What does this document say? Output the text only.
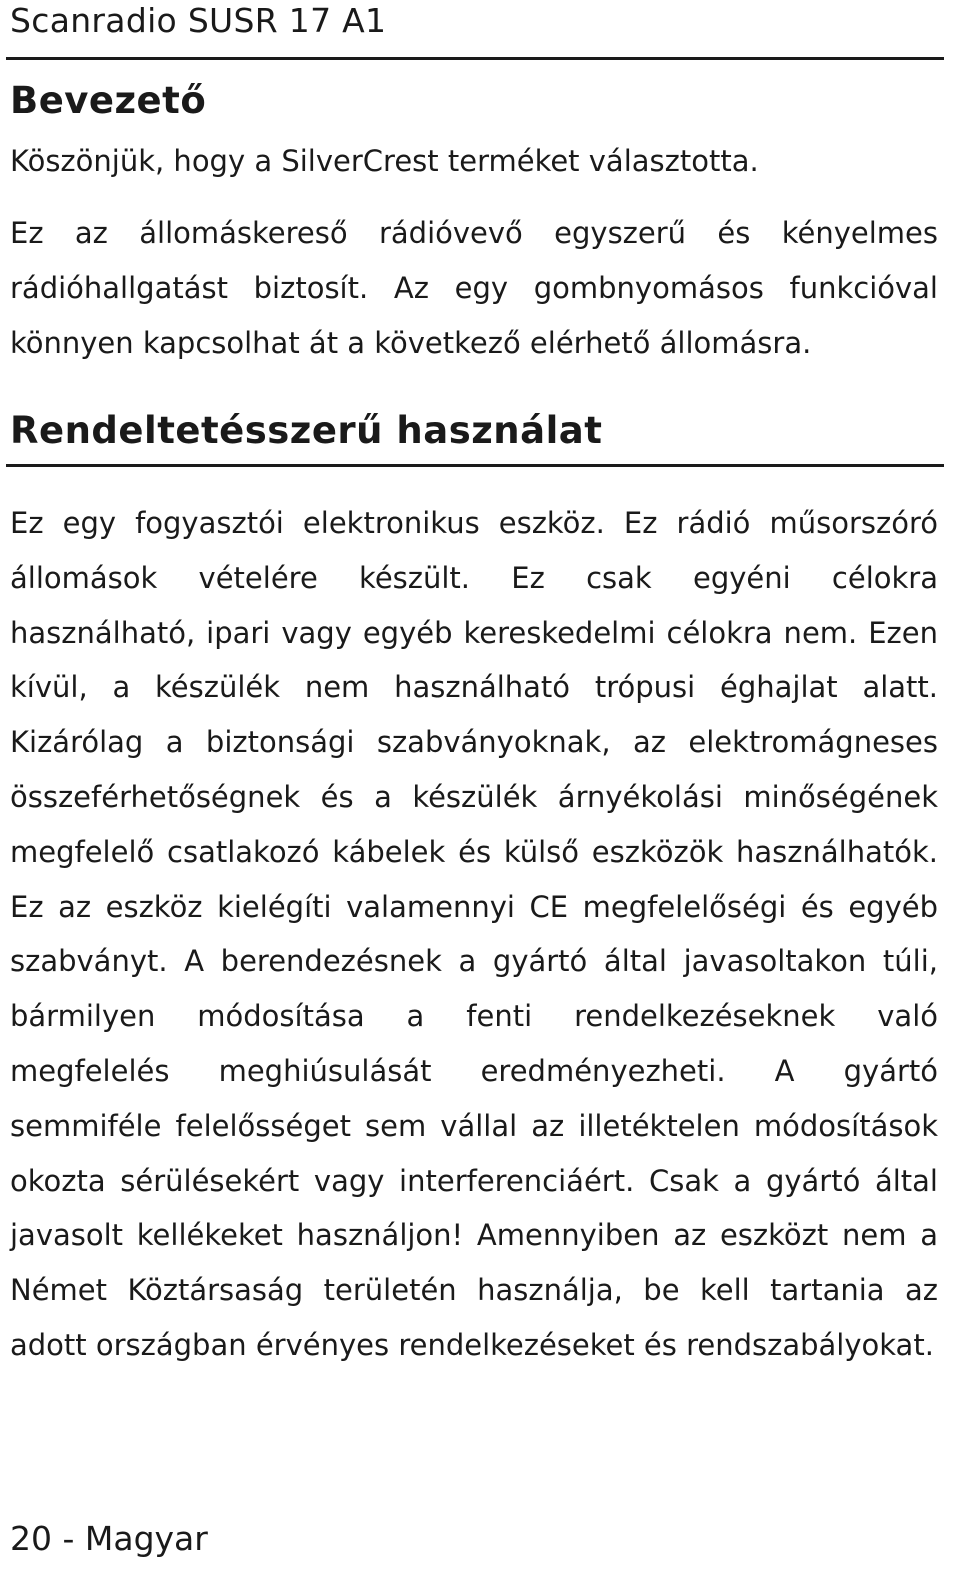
Scanradio SUSR 17 A1
Bevezető
Köszönjük, hogy a SilverCrest terméket választotta.
Ez az állomáskereső rádióvevő egyszerű és kényelmes rádióhallgatást biztosít. Az egy gombnyomásos funkcióval könnyen kapcsolhat át a következő elérhető állomásra.
Rendeltetésszerű használat
Ez egy fogyasztói elektronikus eszköz. Ez rádió műsorszóró állomások vételére készült. Ez csak egyéni célokra használható, ipari vagy egyéb kereskedelmi célokra nem. Ezen kívül, a készülék nem használható trópusi éghajlat alatt. Kizárólag a biztonsági szabványoknak, az elektromágneses összeférhetőségnek és a készülék árnyékolási minőségének megfelelő csatlakozó kábelek és külső eszközök használhatók. Ez az eszköz kielégíti valamennyi CE megfelelőségi és egyéb szabványt. A berendezésnek a gyártó által javasoltakon túli, bármilyen módosítása a fenti rendelkezéseknek való megfelelés meghiúsulását eredményezheti. A gyártó semmiféle felelősséget sem vállal az illetéktelen módosítások okozta sérülésekért vagy interferenciáért. Csak a gyártó által javasolt kellékeket használjon! Amennyiben az eszközt nem a Német Köztársaság területén használja, be kell tartania az adott országban érvényes rendelkezéseket és rendszabályokat.
20 - Magyar
